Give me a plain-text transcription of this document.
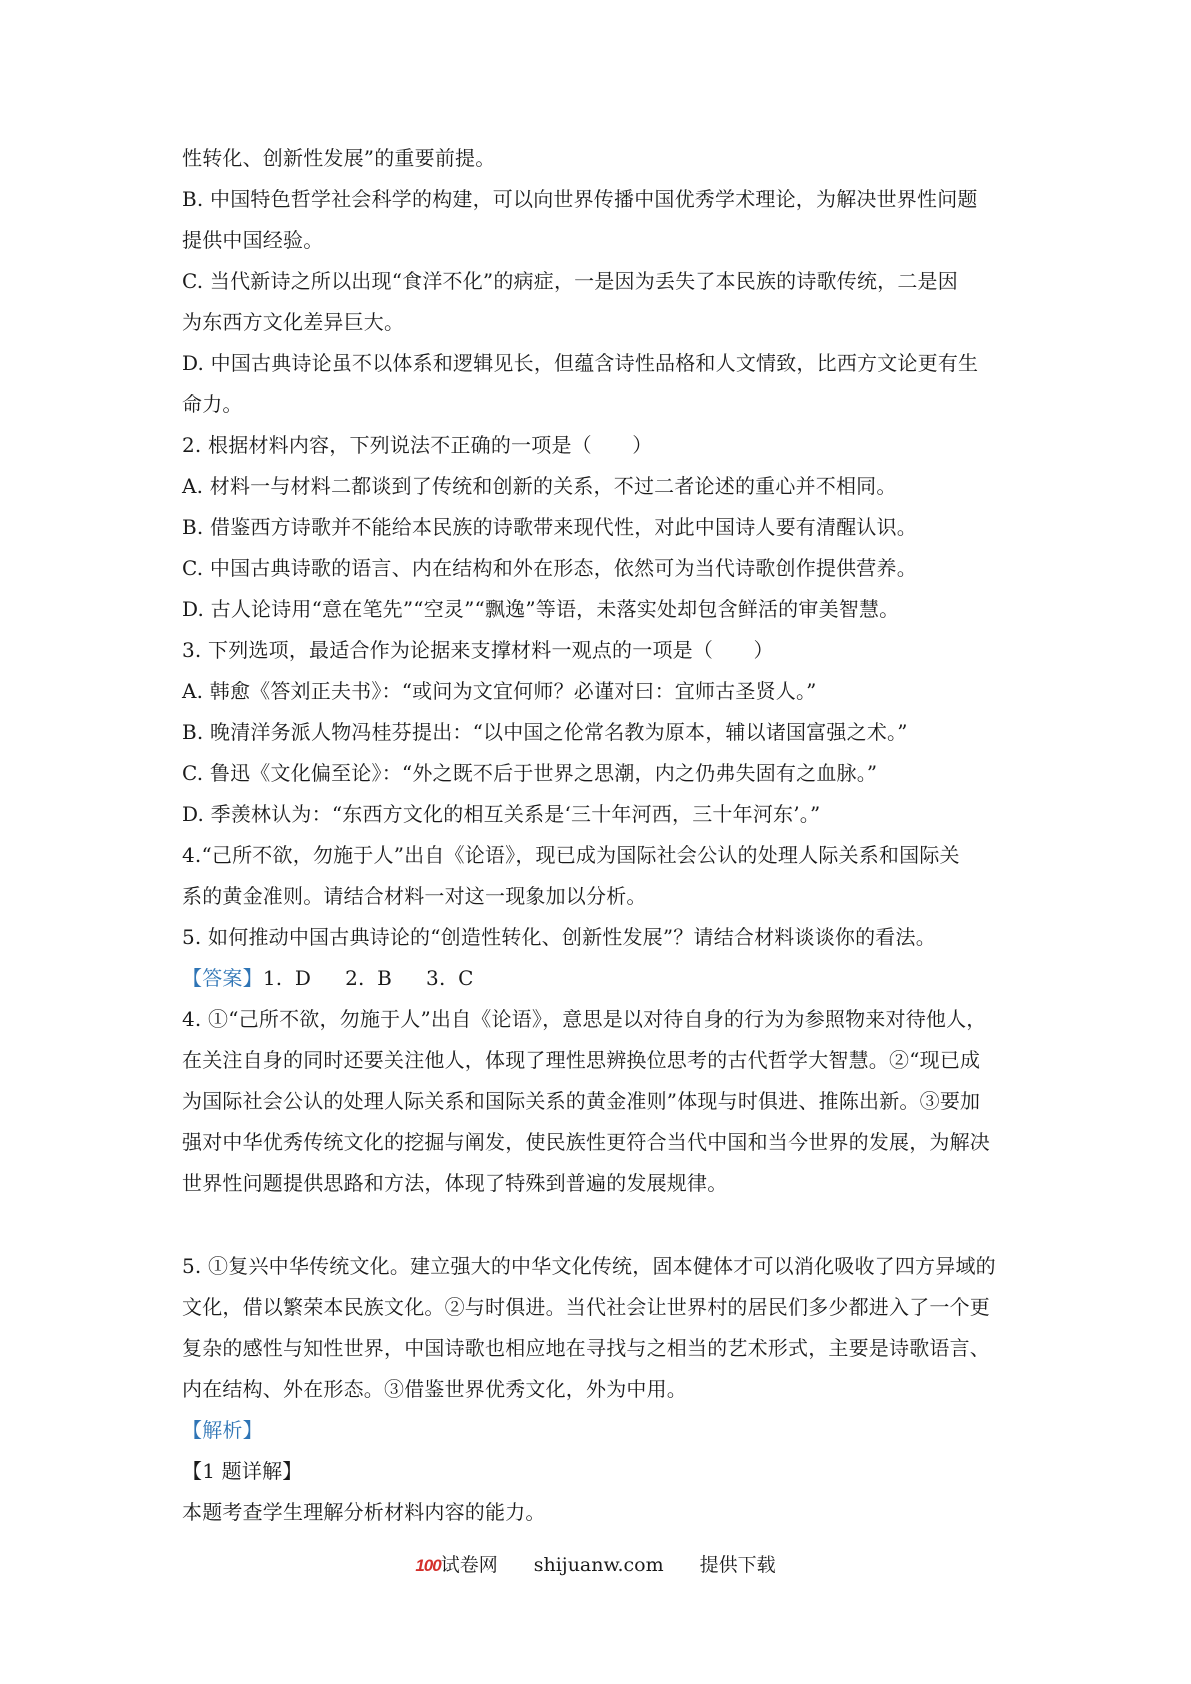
性转化、创新性发展”的重要前提。
B. 中国特色哲学社会科学的构建，可以向世界传播中国优秀学术理论，为解决世界性问题
提供中国经验。
C. 当代新诗之所以出现“食洋不化”的病症，一是因为丢失了本民族的诗歌传统，二是因
为东西方文化差异巨大。
D. 中国古典诗论虽不以体系和逻辑见长，但蕴含诗性品格和人文情致，比西方文论更有生
命力。
2. 根据材料内容，下列说法不正确的一项是（　　）
A. 材料一与材料二都谈到了传统和创新的关系，不过二者论述的重心并不相同。
B. 借鉴西方诗歌并不能给本民族的诗歌带来现代性，对此中国诗人要有清醒认识。
C. 中国古典诗歌的语言、内在结构和外在形态，依然可为当代诗歌创作提供营养。
D. 古人论诗用“意在笔先”“空灵”“飘逸”等语，未落实处却包含鲜活的审美智慧。
3. 下列选项，最适合作为论据来支撑材料一观点的一项是（　　）
A. 韩愈《答刘正夫书》：“或问为文宜何师？必谨对曰：宜师古圣贤人。”
B. 晚清洋务派人物冯桂芬提出：“以中国之伦常名教为原本，辅以诸国富强之术。”
C. 鲁迅《文化偏至论》：“外之既不后于世界之思潮，内之仍弗失固有之血脉。”
D. 季羡林认为：“东西方文化的相互关系是‘三十年河西，三十年河东’。”
4.“己所不欲，勿施于人”出自《论语》，现已成为国际社会公认的处理人际关系和国际关
系的黄金准则。请结合材料一对这一现象加以分析。
5. 如何推动中国古典诗论的“创造性转化、创新性发展”？请结合材料谈谈你的看法。
【答案】1. D 2. B 3. C
4. ①“己所不欲，勿施于人”出自《论语》，意思是以对待自身的行为为参照物来对待他人，
在关注自身的同时还要关注他人，体现了理性思辨换位思考的古代哲学大智慧。②“现已成
为国际社会公认的处理人际关系和国际关系的黄金准则”体现与时俱进、推陈出新。③要加
强对中华优秀传统文化的挖掘与阐发，使民族性更符合当代中国和当今世界的发展，为解决
世界性问题提供思路和方法，体现了特殊到普遍的发展规律。
5. ①复兴中华传统文化。建立强大的中华文化传统，固本健体才可以消化吸收了四方异域的
文化，借以繁荣本民族文化。②与时俱进。当代社会让世界村的居民们多少都进入了一个更
复杂的感性与知性世界，中国诗歌也相应地在寻找与之相当的艺术形式，主要是诗歌语言、
内在结构、外在形态。③借鉴世界优秀文化，外为中用。
【解析】
【1 题详解】
本题考查学生理解分析材料内容的能力。
100试卷网 shijuanw.com 提供下载
